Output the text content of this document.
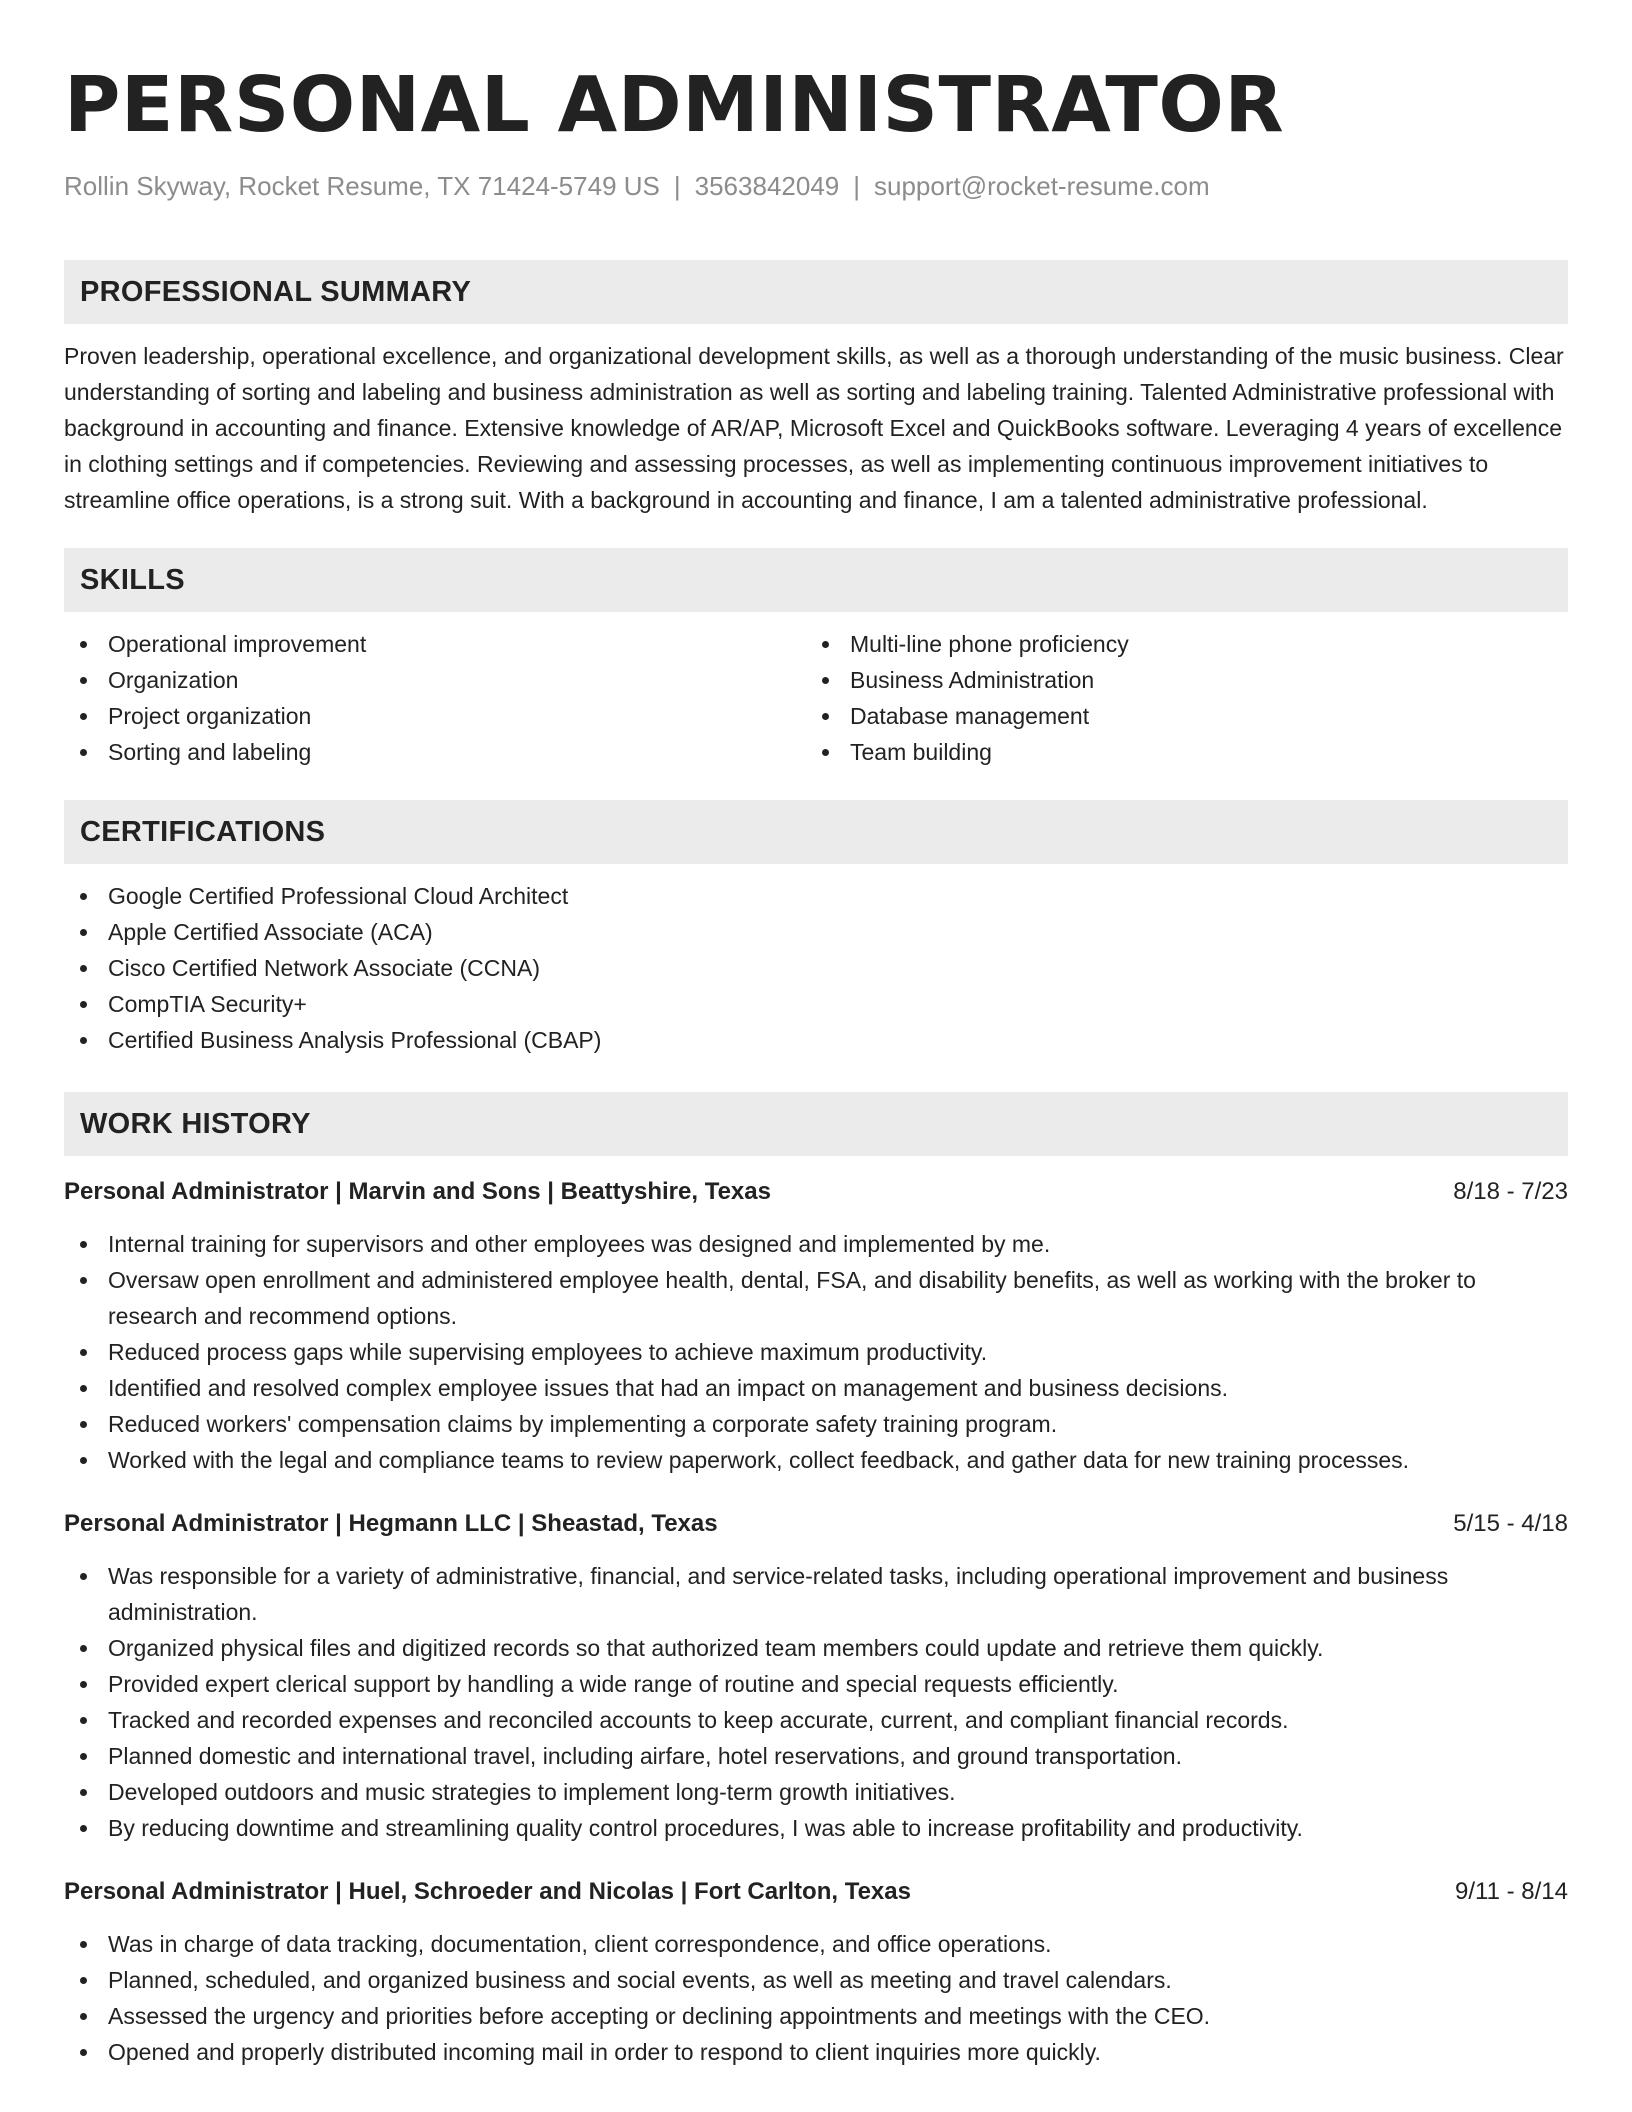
PERSONAL ADMINISTRATOR
Rollin Skyway, Rocket Resume, TX 71424-5749 US | 3563842049 | support@rocket-resume.com
PROFESSIONAL SUMMARY
Proven leadership, operational excellence, and organizational development skills, as well as a thorough understanding of the music business. Clear understanding of sorting and labeling and business administration as well as sorting and labeling training. Talented Administrative professional with background in accounting and finance. Extensive knowledge of AR/AP, Microsoft Excel and QuickBooks software. Leveraging 4 years of excellence in clothing settings and if competencies. Reviewing and assessing processes, as well as implementing continuous improvement initiatives to streamline office operations, is a strong suit. With a background in accounting and finance, I am a talented administrative professional.
SKILLS
Operational improvement
Organization
Project organization
Sorting and labeling
Multi-line phone proficiency
Business Administration
Database management
Team building
CERTIFICATIONS
Google Certified Professional Cloud Architect
Apple Certified Associate (ACA)
Cisco Certified Network Associate (CCNA)
CompTIA Security+
Certified Business Analysis Professional (CBAP)
WORK HISTORY
Personal Administrator | Marvin and Sons | Beattyshire, Texas	8/18 - 7/23
Internal training for supervisors and other employees was designed and implemented by me.
Oversaw open enrollment and administered employee health, dental, FSA, and disability benefits, as well as working with the broker to research and recommend options.
Reduced process gaps while supervising employees to achieve maximum productivity.
Identified and resolved complex employee issues that had an impact on management and business decisions.
Reduced workers' compensation claims by implementing a corporate safety training program.
Worked with the legal and compliance teams to review paperwork, collect feedback, and gather data for new training processes.
Personal Administrator | Hegmann LLC | Sheastad, Texas	5/15 - 4/18
Was responsible for a variety of administrative, financial, and service-related tasks, including operational improvement and business administration.
Organized physical files and digitized records so that authorized team members could update and retrieve them quickly.
Provided expert clerical support by handling a wide range of routine and special requests efficiently.
Tracked and recorded expenses and reconciled accounts to keep accurate, current, and compliant financial records.
Planned domestic and international travel, including airfare, hotel reservations, and ground transportation.
Developed outdoors and music strategies to implement long-term growth initiatives.
By reducing downtime and streamlining quality control procedures, I was able to increase profitability and productivity.
Personal Administrator | Huel, Schroeder and Nicolas | Fort Carlton, Texas	9/11 - 8/14
Was in charge of data tracking, documentation, client correspondence, and office operations.
Planned, scheduled, and organized business and social events, as well as meeting and travel calendars.
Assessed the urgency and priorities before accepting or declining appointments and meetings with the CEO.
Opened and properly distributed incoming mail in order to respond to client inquiries more quickly.
